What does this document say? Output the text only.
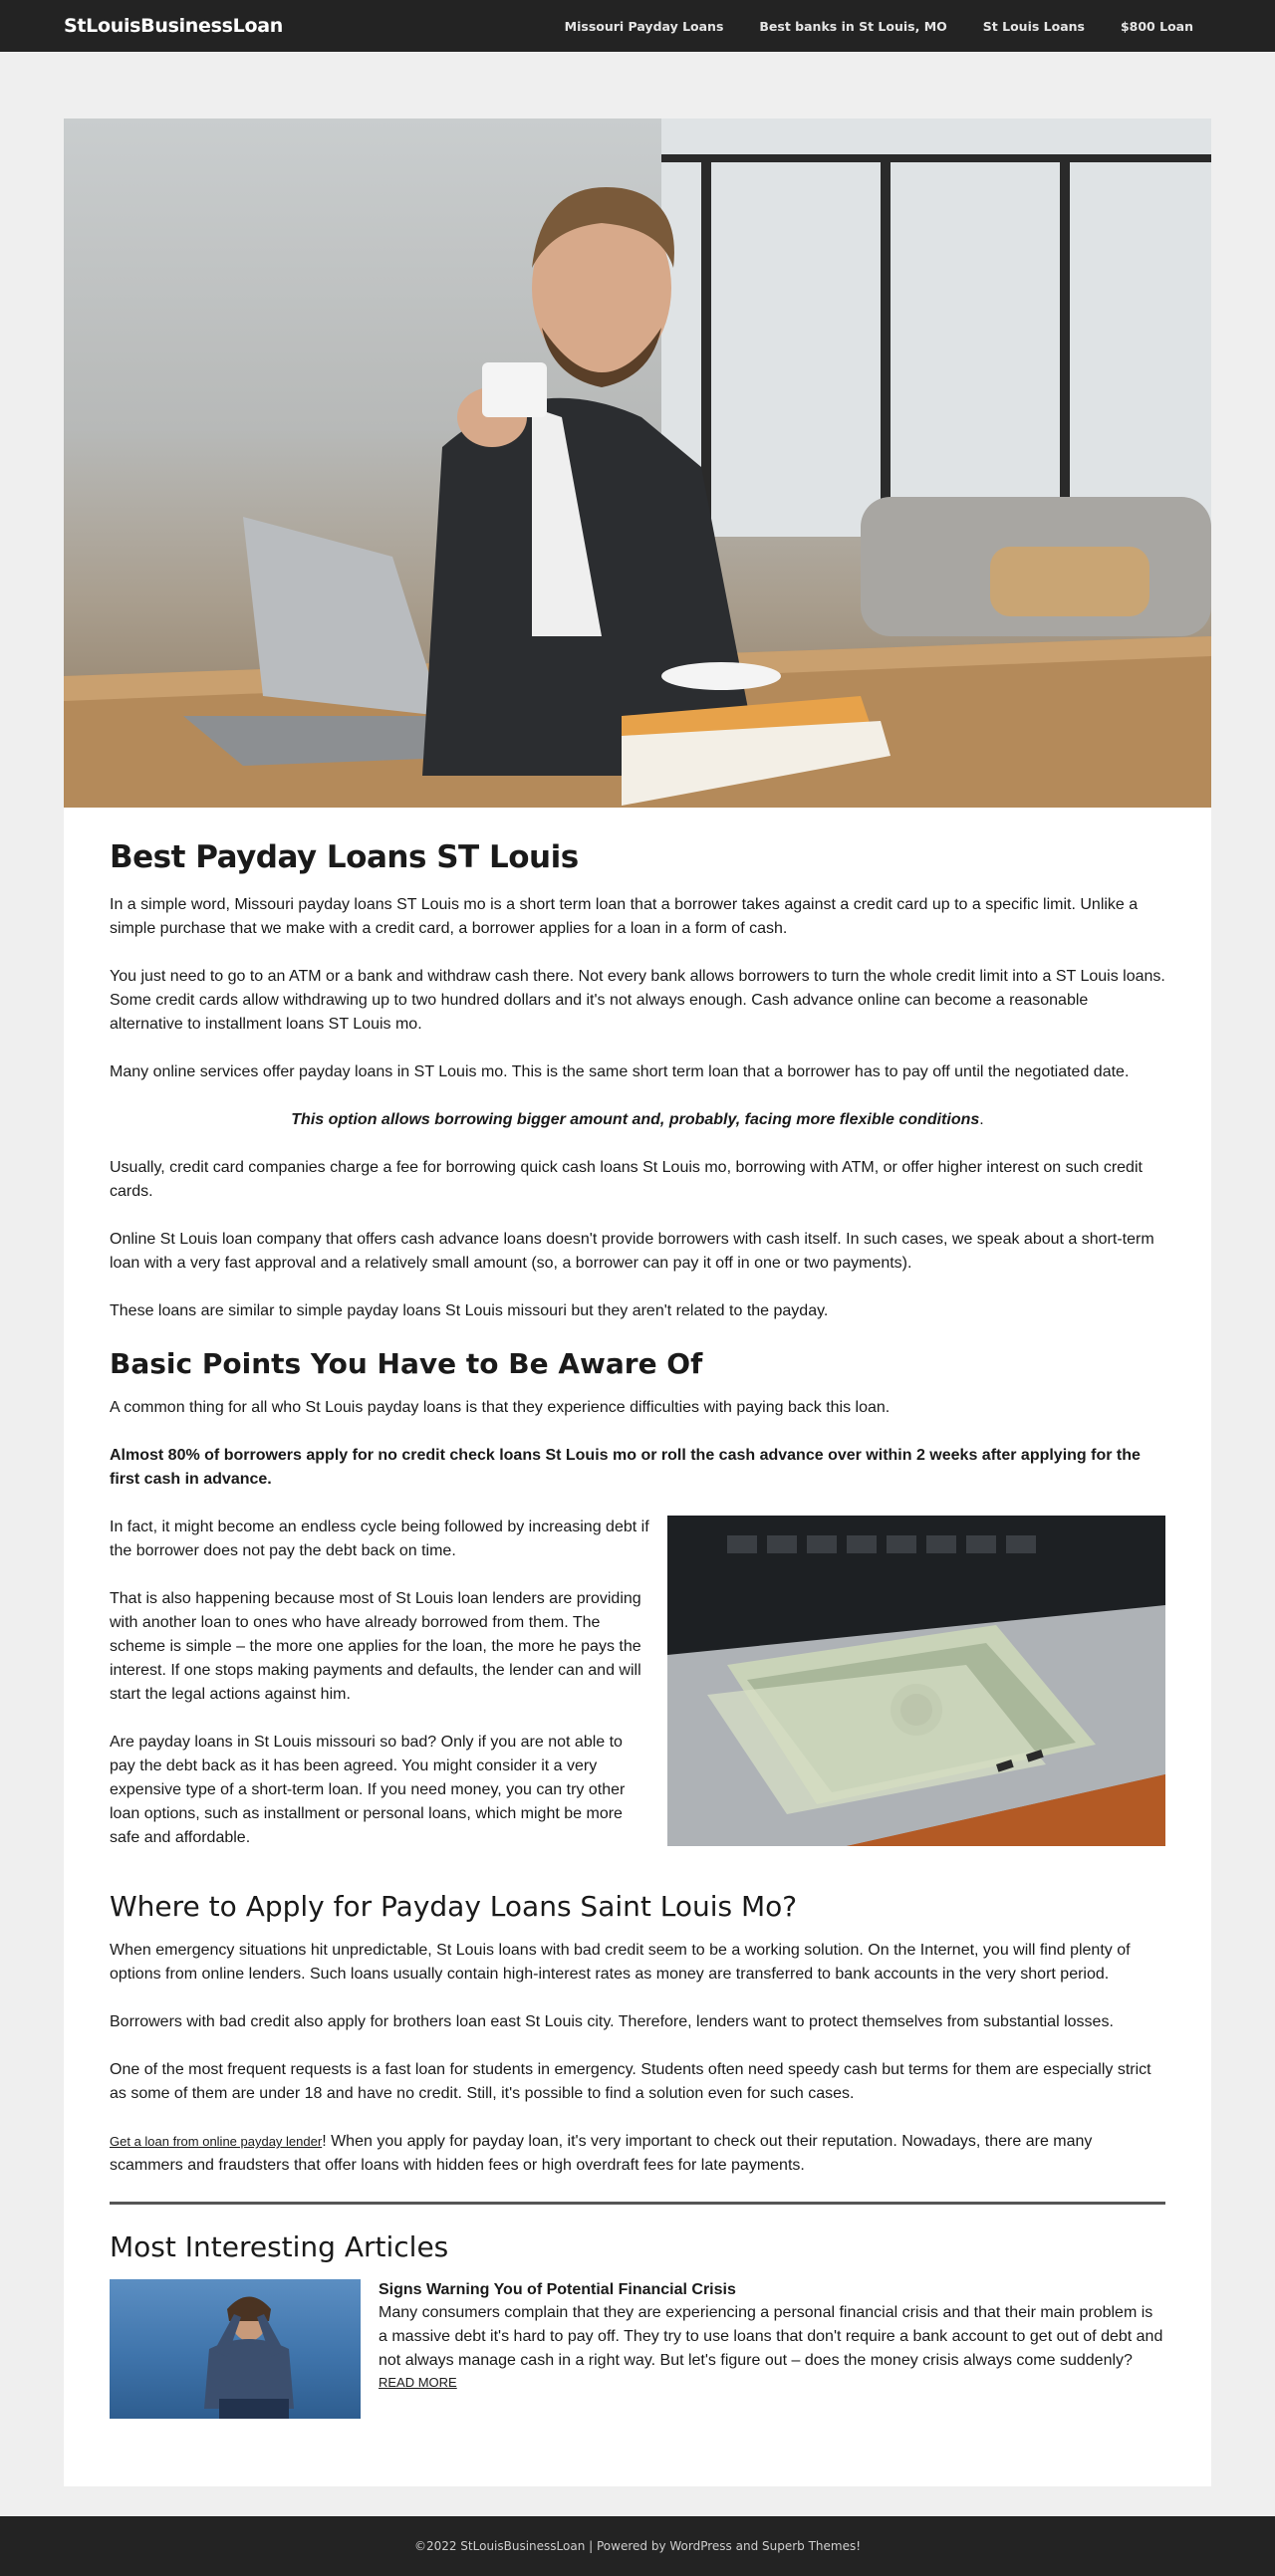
StLouisBusinessLoan	Missouri Payday Loans	Best banks in St Louis, MO	St Louis Loans	$800 Loan
Best Payday Loans ST Louis

In a simple word, Missouri payday loans ST Louis mo is a short term loan that a borrower takes against a credit card up to a specific limit. Unlike a simple purchase that we make with a credit card, a borrower applies for a loan in a form of cash.

You just need to go to an ATM or a bank and withdraw cash there. Not every bank allows borrowers to turn the whole credit limit into a ST Louis loans. Some credit cards allow withdrawing up to two hundred dollars and it's not always enough. Cash advance online can become a reasonable alternative to installment loans ST Louis mo.

Many online services offer payday loans in ST Louis mo. This is the same short term loan that a borrower has to pay off until the negotiated date.

This option allows borrowing bigger amount and, probably, facing more flexible conditions.

Usually, credit card companies charge a fee for borrowing quick cash loans St Louis mo, borrowing with ATM, or offer higher interest on such credit cards.

Online St Louis loan company that offers cash advance loans doesn't provide borrowers with cash itself. In such cases, we speak about a short-term loan with a very fast approval and a relatively small amount (so, a borrower can pay it off in one or two payments).

These loans are similar to simple payday loans St Louis missouri but they aren't related to the payday.

Basic Points You Have to Be Aware Of

A common thing for all who St Louis payday loans is that they experience difficulties with paying back this loan.

Almost 80% of borrowers apply for no credit check loans St Louis mo or roll the cash advance over within 2 weeks after applying for the first cash in advance.

In fact, it might become an endless cycle being followed by increasing debt if the borrower does not pay the debt back on time.

That is also happening because most of St Louis loan lenders are providing with another loan to ones who have already borrowed from them. The scheme is simple – the more one applies for the loan, the more he pays the interest. If one stops making payments and defaults, the lender can and will start the legal actions against him.

Are payday loans in St Louis missouri so bad? Only if you are not able to pay the debt back as it has been agreed. You might consider it a very expensive type of a short-term loan. If you need money, you can try other loan options, such as installment or personal loans, which might be more safe and affordable.

Where to Apply for Payday Loans Saint Louis Mo?

When emergency situations hit unpredictable, St Louis loans with bad credit seem to be a working solution. On the Internet, you will find plenty of options from online lenders. Such loans usually contain high-interest rates as money are transferred to bank accounts in the very short period.

Borrowers with bad credit also apply for brothers loan east St Louis city. Therefore, lenders want to protect themselves from substantial losses.

One of the most frequent requests is a fast loan for students in emergency. Students often need speedy cash but terms for them are especially strict as some of them are under 18 and have no credit. Still, it's possible to find a solution even for such cases.

Get a loan from online payday lender! When you apply for payday loan, it's very important to check out their reputation. Nowadays, there are many scammers and fraudsters that offer loans with hidden fees or high overdraft fees for late payments.

Most Interesting Articles
Signs Warning You of Potential Financial Crisis
Many consumers complain that they are experiencing a personal financial crisis and that their main problem is a massive debt it's hard to pay off. They try to use loans that don't require a bank account to get out of debt and not always manage cash in a right way. But let's figure out – does the money crisis always come suddenly?
READ MORE
©2022 StLouisBusinessLoan | Powered by WordPress and Superb Themes!
